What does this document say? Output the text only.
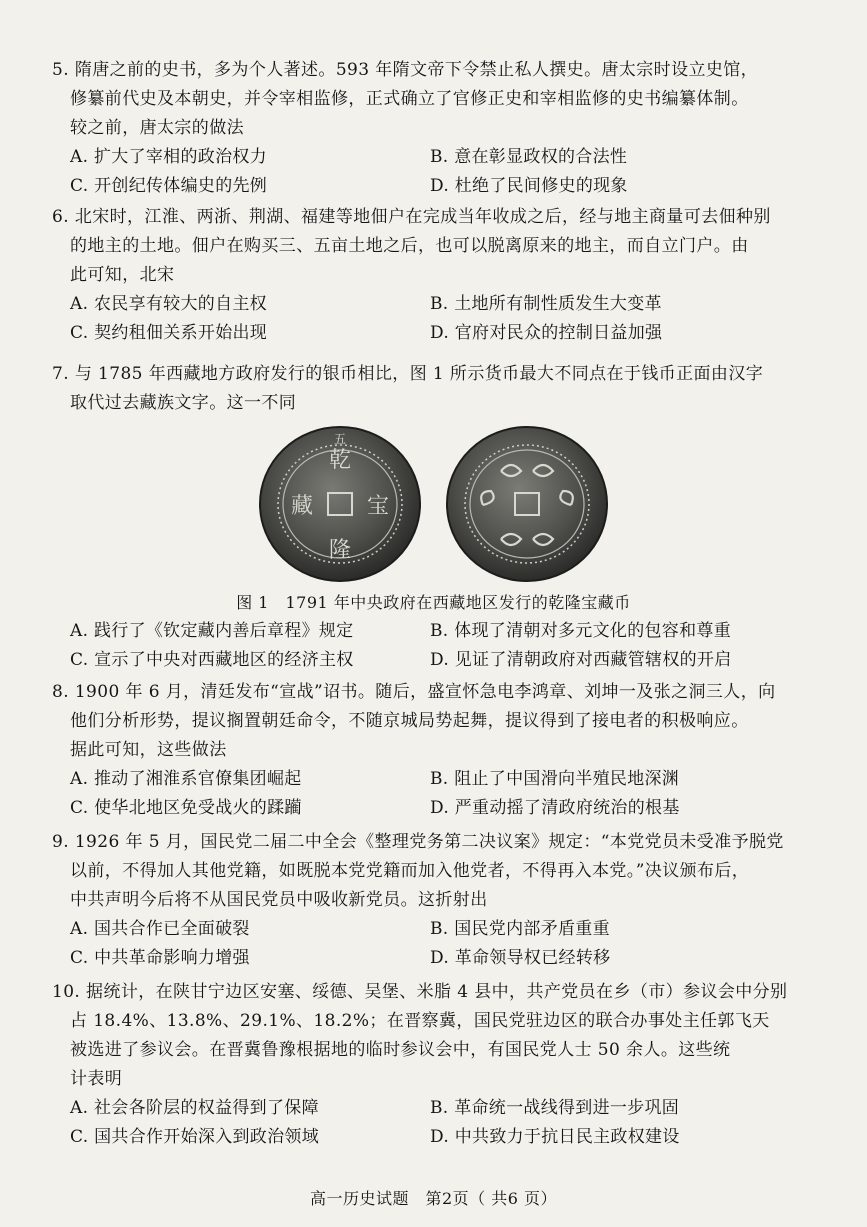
5. 隋唐之前的史书，多为个人著述。593 年隋文帝下令禁止私人撰史。唐太宗时设立史馆，
修纂前代史及本朝史，并令宰相监修，正式确立了官修正史和宰相监修的史书编纂体制。
较之前，唐太宗的做法
A. 扩大了宰相的政治权力	B. 意在彰显政权的合法性
C. 开创纪传体编史的先例	D. 杜绝了民间修史的现象
6. 北宋时，江淮、两浙、荆湖、福建等地佃户在完成当年收成之后，经与地主商量可去佃种别
的地主的土地。佃户在购买三、五亩土地之后，也可以脱离原来的地主，而自立门户。由
此可知，北宋
A. 农民享有较大的自主权	B. 土地所有制性质发生大变革
C. 契约租佃关系开始出现	D. 官府对民众的控制日益加强
7. 与 1785 年西藏地方政府发行的银币相比，图 1 所示货币最大不同点在于钱币正面由汉字
取代过去藏族文字。这一不同
乾
隆
宝
藏
五
图 1　1791 年中央政府在西藏地区发行的乾隆宝藏币
A. 践行了《钦定藏内善后章程》规定	B. 体现了清朝对多元文化的包容和尊重
C. 宣示了中央对西藏地区的经济主权	D. 见证了清朝政府对西藏管辖权的开启
8. 1900 年 6 月，清廷发布“宣战”诏书。随后，盛宣怀急电李鸿章、刘坤一及张之洞三人，向
他们分析形势，提议搁置朝廷命令，不随京城局势起舞，提议得到了接电者的积极响应。
据此可知，这些做法
A. 推动了湘淮系官僚集团崛起	B. 阻止了中国滑向半殖民地深渊
C. 使华北地区免受战火的蹂躏	D. 严重动摇了清政府统治的根基
9. 1926 年 5 月，国民党二届二中全会《整理党务第二决议案》规定：“本党党员未受准予脱党
以前，不得加人其他党籍，如既脱本党党籍而加入他党者，不得再入本党。”决议颁布后，
中共声明今后将不从国民党员中吸收新党员。这折射出
A. 国共合作已全面破裂	B. 国民党内部矛盾重重
C. 中共革命影响力增强	D. 革命领导权已经转移
10. 据统计，在陕甘宁边区安塞、绥德、吴堡、米脂 4 县中，共产党员在乡（市）参议会中分别
占 18.4%、13.8%、29.1%、18.2%；在晋察冀，国民党驻边区的联合办事处主任郭飞天
被选进了参议会。在晋冀鲁豫根据地的临时参议会中，有国民党人士 50 余人。这些统
计表明
A. 社会各阶层的权益得到了保障	B. 革命统一战线得到进一步巩固
C. 国共合作开始深入到政治领域	D. 中共致力于抗日民主政权建设
高一历史试题　第2页（ 共6 页）
